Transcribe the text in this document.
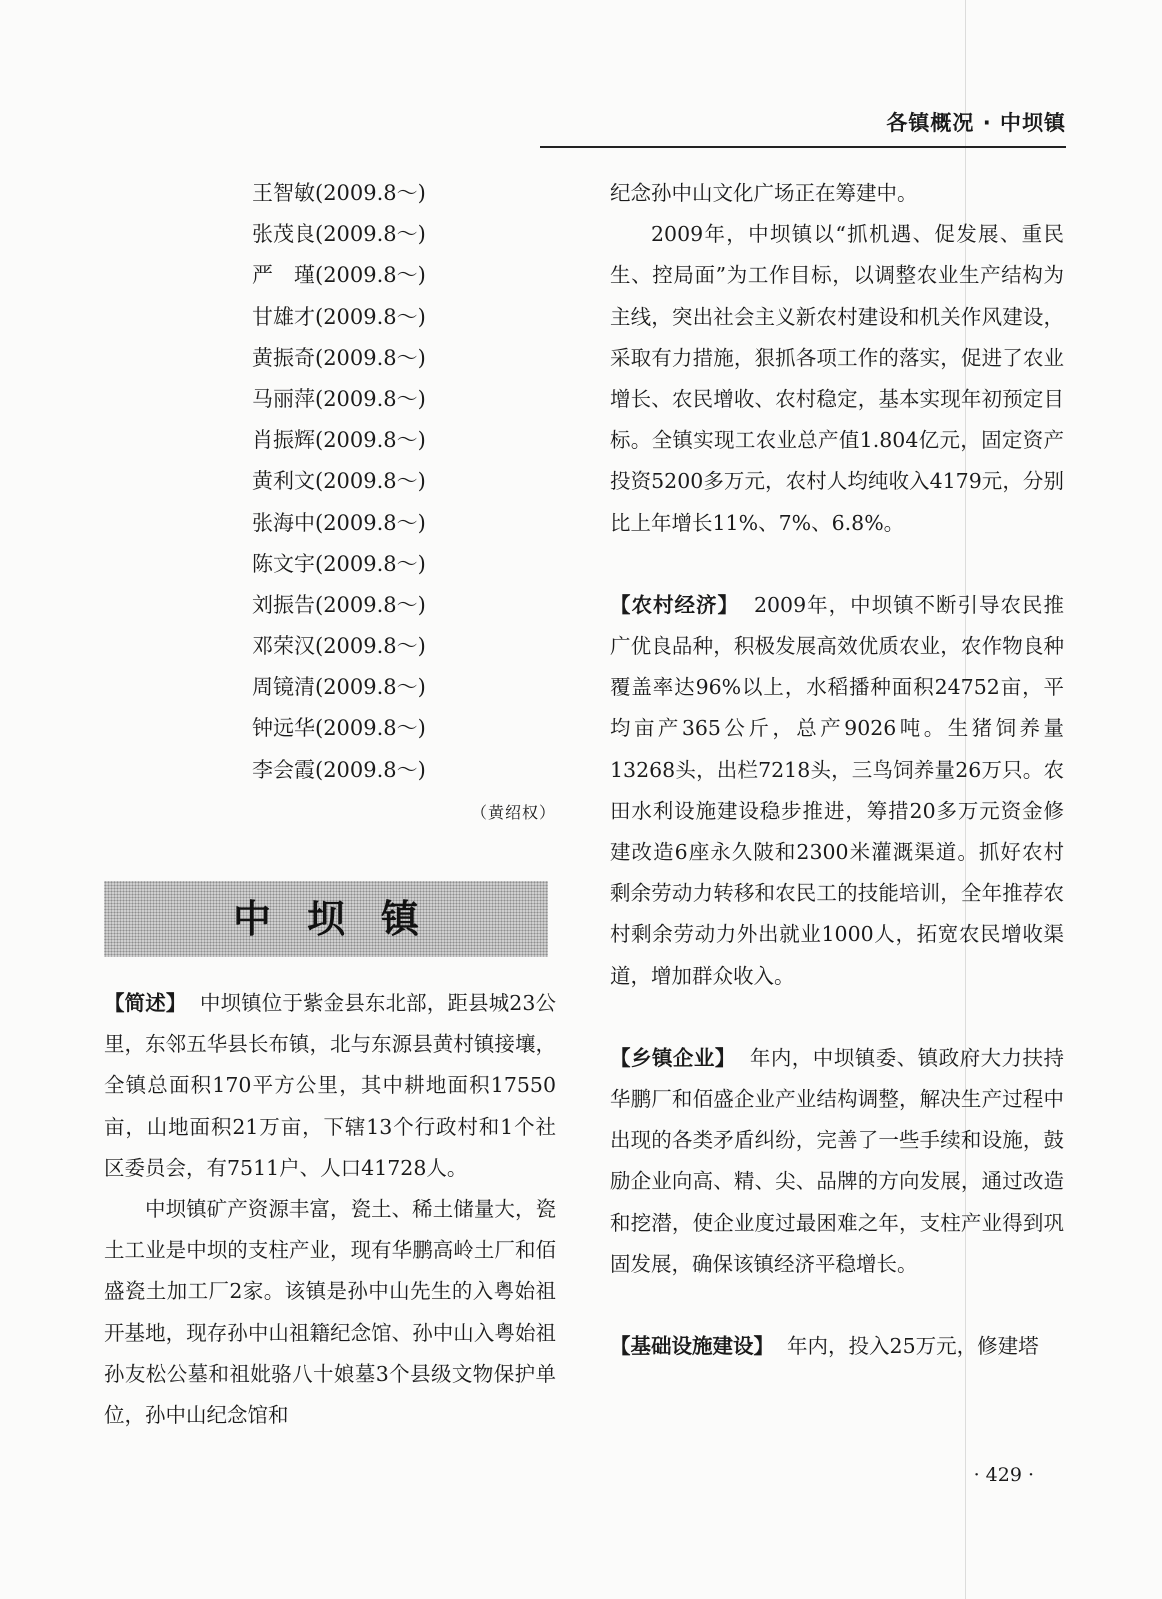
各镇概况 · 中坝镇
王智敏(2009.8～)
张茂良(2009.8～)
严　瑾(2009.8～)
甘雄才(2009.8～)
黄振奇(2009.8～)
马丽萍(2009.8～)
肖振辉(2009.8～)
黄利文(2009.8～)
张海中(2009.8～)
陈文宇(2009.8～)
刘振告(2009.8～)
邓荣汉(2009.8～)
周镜清(2009.8～)
钟远华(2009.8～)
李会霞(2009.8～)
（黄绍权）
中坝镇

【简述】 中坝镇位于紫金县东北部，距县城23公里，东邻五华县长布镇，北与东源县黄村镇接壤，全镇总面积170平方公里，其中耕地面积17550亩，山地面积21万亩，下辖13个行政村和1个社区委员会，有7511户、人口41728人。

中坝镇矿产资源丰富，瓷土、稀土储量大，瓷土工业是中坝的支柱产业，现有华鹏高岭土厂和佰盛瓷土加工厂2家。该镇是孙中山先生的入粤始祖开基地，现存孙中山祖籍纪念馆、孙中山入粤始祖孙友松公墓和祖妣骆八十娘墓3个县级文物保护单位，孙中山纪念馆和

纪念孙中山文化广场正在筹建中。

2009年，中坝镇以“抓机遇、促发展、重民生、控局面”为工作目标，以调整农业生产结构为主线，突出社会主义新农村建设和机关作风建设，采取有力措施，狠抓各项工作的落实，促进了农业增长、农民增收、农村稳定，基本实现年初预定目标。全镇实现工农业总产值1.804亿元，固定资产投资5200多万元，农村人均纯收入4179元，分别比上年增长11%、7%、6.8%。

【农村经济】 2009年，中坝镇不断引导农民推广优良品种，积极发展高效优质农业，农作物良种覆盖率达96%以上，水稻播种面积24752亩，平均亩产365公斤，总产9026吨。生猪饲养量13268头，出栏7218头，三鸟饲养量26万只。农田水利设施建设稳步推进，筹措20多万元资金修建改造6座永久陂和2300米灌溉渠道。抓好农村剩余劳动力转移和农民工的技能培训，全年推荐农村剩余劳动力外出就业1000人，拓宽农民增收渠道，增加群众收入。

【乡镇企业】 年内，中坝镇委、镇政府大力扶持华鹏厂和佰盛企业产业结构调整，解决生产过程中出现的各类矛盾纠纷，完善了一些手续和设施，鼓励企业向高、精、尖、品牌的方向发展，通过改造和挖潜，使企业度过最困难之年，支柱产业得到巩固发展，确保该镇经济平稳增长。

【基础设施建设】 年内，投入25万元，修建塔

· 429 ·
